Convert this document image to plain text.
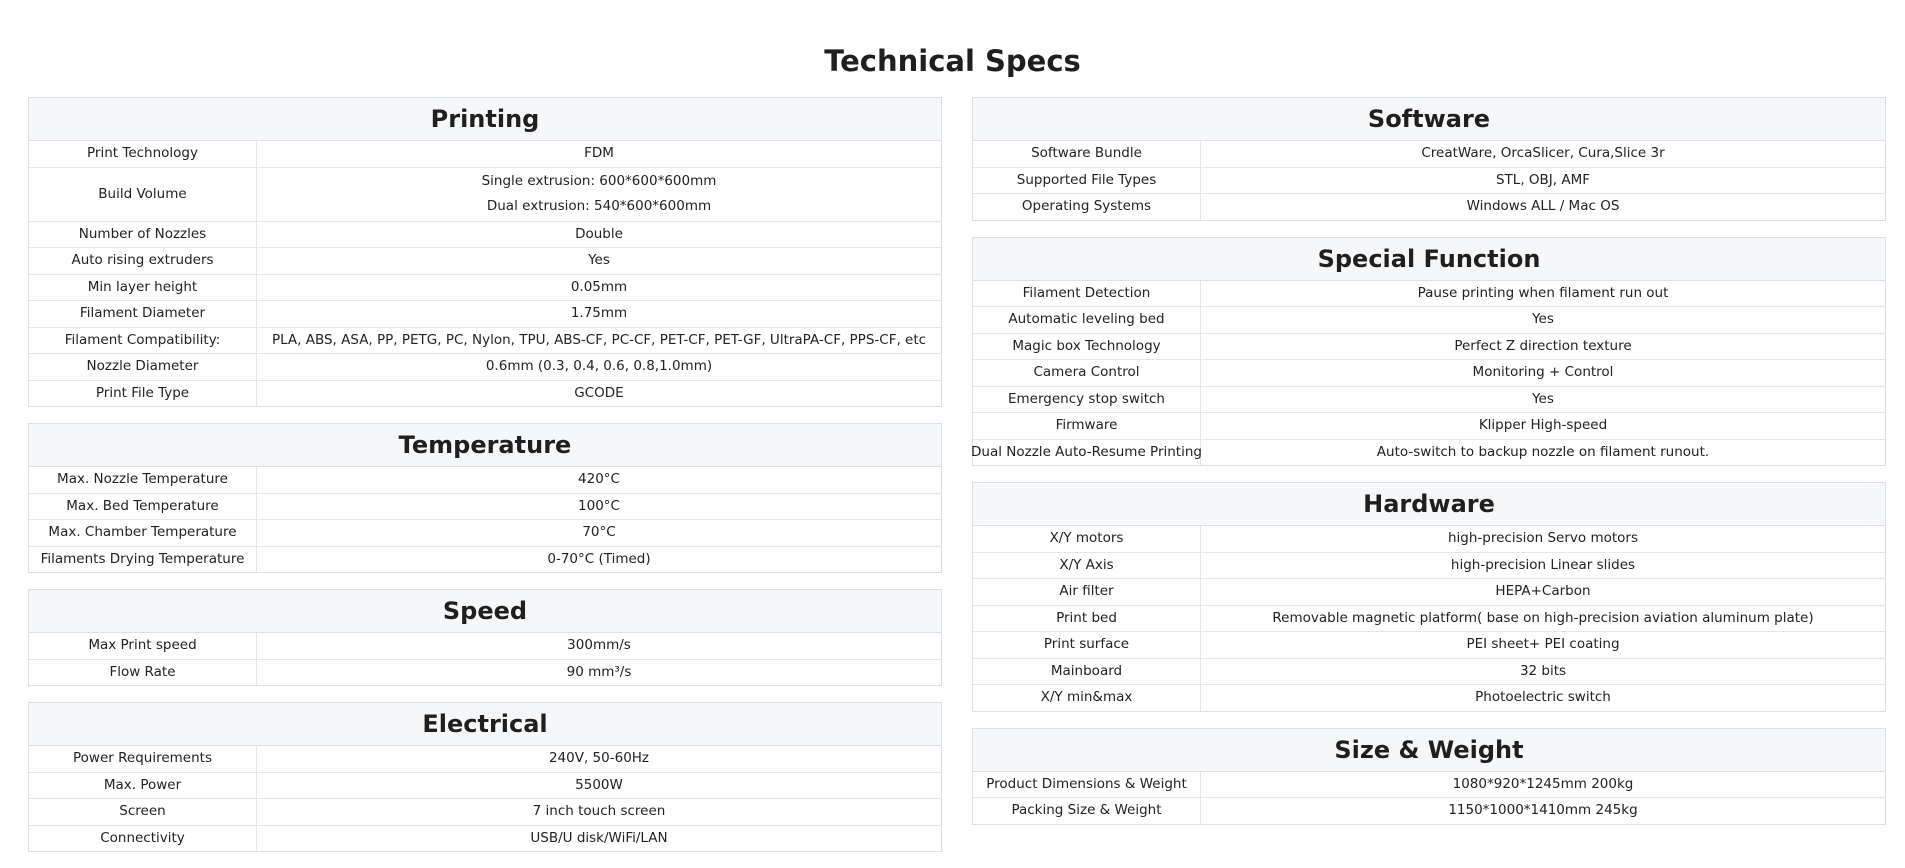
Technical Specs
Printing
Print Technology	FDM
Build Volume
Single extrusion: 600*600*600mm
Dual extrusion: 540*600*600mm
Number of Nozzles	Double
Auto rising extruders	Yes
Min layer height	0.05mm
Filament Diameter	1.75mm
Filament Compatibility:	PLA, ABS, ASA, PP, PETG, PC, Nylon, TPU, ABS-CF, PC-CF, PET-CF, PET-GF, UltraPA-CF, PPS-CF, etc
Nozzle Diameter	0.6mm (0.3, 0.4, 0.6, 0.8,1.0mm)
Print File Type	GCODE
Temperature
Max. Nozzle Temperature	420°C
Max. Bed Temperature	100°C
Max. Chamber Temperature	70°C
Filaments Drying Temperature	0-70°C (Timed)
Speed
Max Print speed	300mm/s
Flow Rate	90 mm³/s
Electrical
Power Requirements	240V, 50-60Hz
Max. Power	5500W
Screen	7 inch touch screen
Connectivity	USB/U disk/WiFi/LAN
Software
Software Bundle	CreatWare, OrcaSlicer, Cura,Slice 3r
Supported File Types	STL, OBJ, AMF
Operating Systems	Windows ALL / Mac OS
Special Function
Filament Detection	Pause printing when filament run out
Automatic leveling bed	Yes
Magic box Technology	Perfect Z direction texture
Camera Control	Monitoring + Control
Emergency stop switch	Yes
Firmware	Klipper High-speed
Dual Nozzle Auto-Resume Printing	Auto-switch to backup nozzle on filament runout.
Hardware
X/Y motors	high-precision Servo motors
X/Y Axis	high-precision Linear slides
Air filter	HEPA+Carbon
Print bed	Removable magnetic platform( base on high-precision aviation aluminum plate)
Print surface	PEI sheet+ PEI coating
Mainboard	32 bits
X/Y min&max	Photoelectric switch
Size & Weight
Product Dimensions & Weight	1080*920*1245mm 200kg
Packing Size & Weight	1150*1000*1410mm 245kg
